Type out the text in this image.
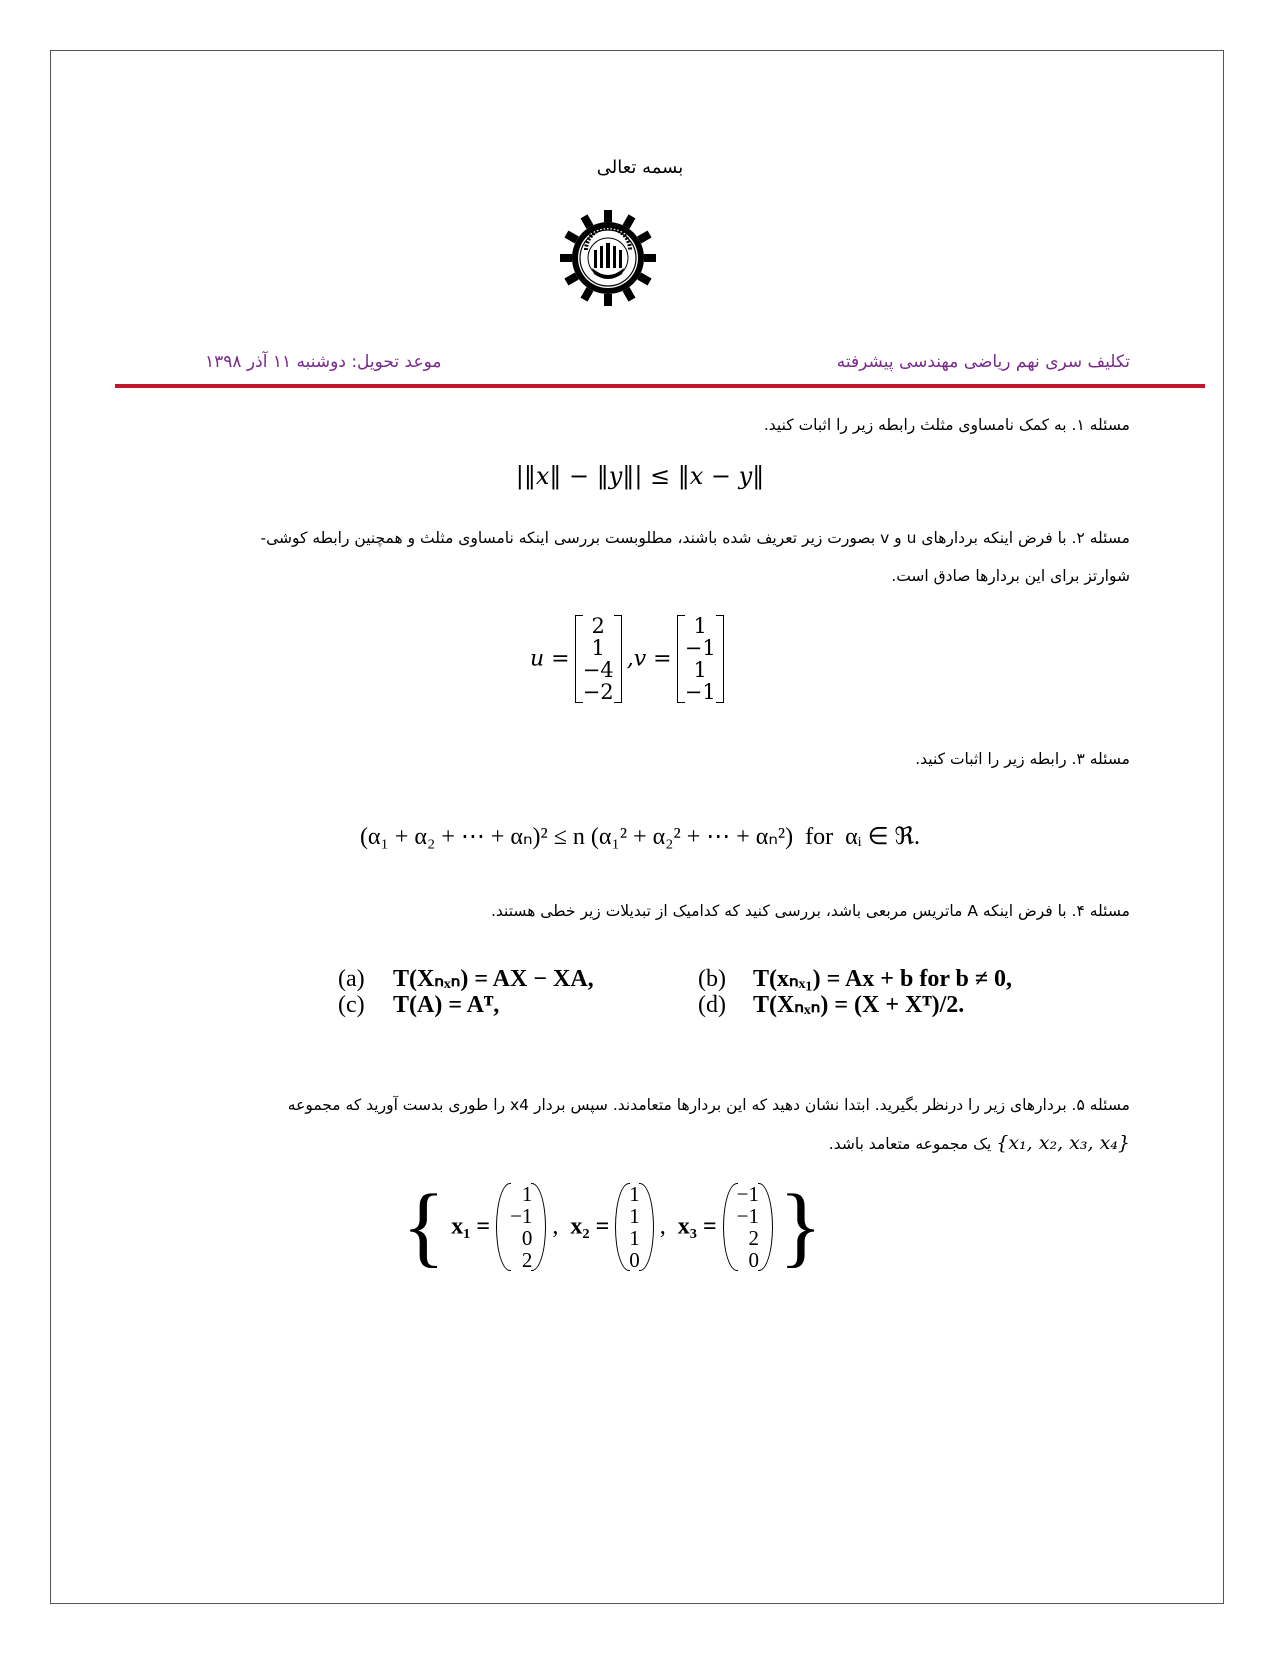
بسمه تعالی
تکلیف سری نهم ریاضی مهندسی پیشرفته
موعد تحویل: دوشنبه ۱۱ آذر ۱۳۹۸
مسئله ۱. به کمک نامساوی مثلث رابطه زیر را اثبات کنید.
|‖x‖ − ‖y‖| ≤ ‖x − y‖
مسئله ۲. با فرض اینکه بردارهای u و v بصورت زیر تعریف شده باشند، مطلوبست بررسی اینکه نامساوی مثلث و همچنین رابطه کوشی-
شوارتز برای این بردارها صادق است.
u =
2
1
−4
−2
,v =
1
−1
1
−1
مسئله ۳. رابطه زیر را اثبات کنید.
(α₁ + α₂ + ⋯ + αₙ)² ≤ n (α₁² + α₂² + ⋯ + αₙ²) for αᵢ ∈ ℜ.
مسئله ۴. با فرض اینکه A ماتریس مربعی باشد، بررسی کنید که کدامیک از تبدیلات زیر خطی هستند.
(a) T(Xₙₓₙ) = AX − XA,	(b) T(xₙₓ₁) = Ax + b for b ≠ 0,
(c) T(A) = Aᵀ,	(d) T(Xₙₓₙ) = (X + Xᵀ)/2.
مسئله ۵. بردارهای زیر را درنظر بگیرید. ابتدا نشان دهید که این بردارها متعامدند. سپس بردار x4 را طوری بدست آورید که مجموعه
{x₁, x₂, x₃, x₄} یک مجموعه متعامد باشد.
{ x₁ =
1
−1
0
2
,  x₂ =
1
1
1
0
,  x₃ =
−1
−1
2
0 }
